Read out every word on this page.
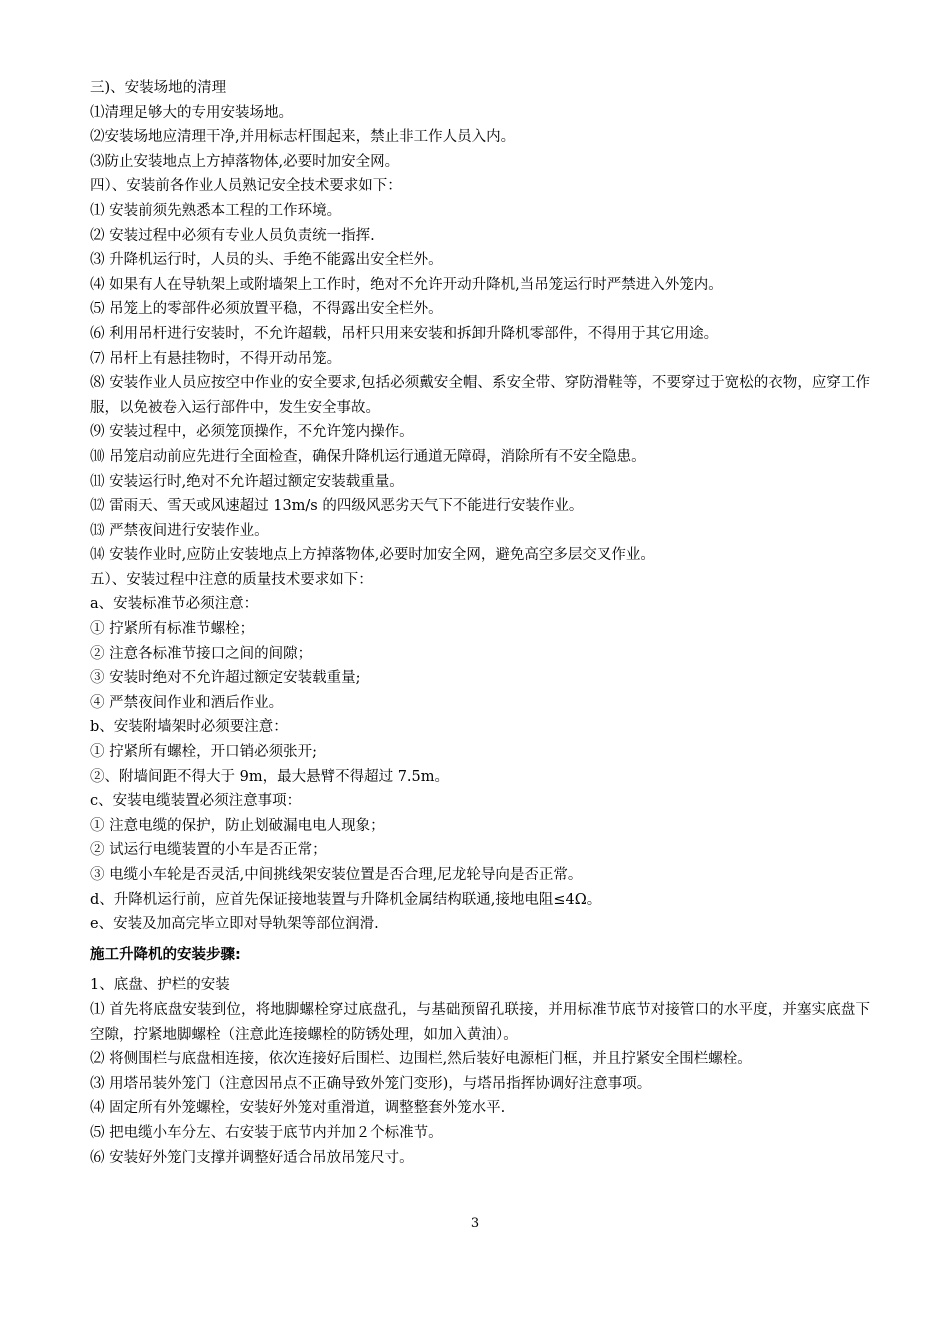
三)、安装场地的清理
⑴清理足够大的专用安装场地。
⑵安装场地应清理干净,并用标志杆围起来，禁止非工作人员入内。
⑶防止安装地点上方掉落物体,必要时加安全网。
四）、安装前各作业人员熟记安全技术要求如下：
⑴ 安装前须先熟悉本工程的工作环境。
⑵ 安装过程中必须有专业人员负责统一指挥.
⑶ 升降机运行时，人员的头、手绝不能露出安全栏外。
⑷ 如果有人在导轨架上或附墙架上工作时，绝对不允许开动升降机,当吊笼运行时严禁进入外笼内。
⑸ 吊笼上的零部件必须放置平稳，不得露出安全栏外。
⑹ 利用吊杆进行安装时，不允许超载，吊杆只用来安装和拆卸升降机零部件，不得用于其它用途。
⑺ 吊杆上有悬挂物时，不得开动吊笼。
⑻ 安装作业人员应按空中作业的安全要求,包括必须戴安全帽、系安全带、穿防滑鞋等，不要穿过于宽松的衣物，应穿工作服，以免被卷入运行部件中，发生安全事故。
⑼ 安装过程中，必须笼顶操作，不允许笼内操作。
⑽ 吊笼启动前应先进行全面检查，确保升降机运行通道无障碍，消除所有不安全隐患。
⑾ 安装运行时,绝对不允许超过额定安装载重量。
⑿ 雷雨天、雪天或风速超过 13m/s 的四级风恶劣天气下不能进行安装作业。
⒀ 严禁夜间进行安装作业。
⒁ 安装作业时,应防止安装地点上方掉落物体,必要时加安全网，避免高空多层交叉作业。
五）、安装过程中注意的质量技术要求如下：
a、安装标准节必须注意：
① 拧紧所有标准节螺栓；
② 注意各标准节接口之间的间隙；
③ 安装时绝对不允许超过额定安装载重量;
④ 严禁夜间作业和酒后作业。
b、安装附墙架时必须要注意：
① 拧紧所有螺栓，开口销必须张开;
②、附墙间距不得大于 9m，最大悬臂不得超过 7.5m。
c、安装电缆装置必须注意事项：
① 注意电缆的保护，防止划破漏电电人现象；
② 试运行电缆装置的小车是否正常；
③ 电缆小车轮是否灵活,中间挑线架安装位置是否合理,尼龙轮导向是否正常。
d、升降机运行前，应首先保证接地装置与升降机金属结构联通,接地电阻≤4Ω。
e、安装及加高完毕立即对导轨架等部位润滑.
施工升降机的安装步骤:
1、底盘、护栏的安装
⑴ 首先将底盘安装到位，将地脚螺栓穿过底盘孔，与基础预留孔联接，并用标准节底节对接管口的水平度，并塞实底盘下空隙，拧紧地脚螺栓（注意此连接螺栓的防锈处理，如加入黄油）。
⑵ 将侧围栏与底盘相连接，依次连接好后围栏、边围栏,然后装好电源柜门框，并且拧紧安全围栏螺栓。
⑶ 用塔吊装外笼门（注意因吊点不正确导致外笼门变形)，与塔吊指挥协调好注意事项。
⑷ 固定所有外笼螺栓，安装好外笼对重滑道，调整整套外笼水平.
⑸ 把电缆小车分左、右安装于底节内并加２个标准节。
⑹ 安装好外笼门支撑并调整好适合吊放吊笼尺寸。
3
